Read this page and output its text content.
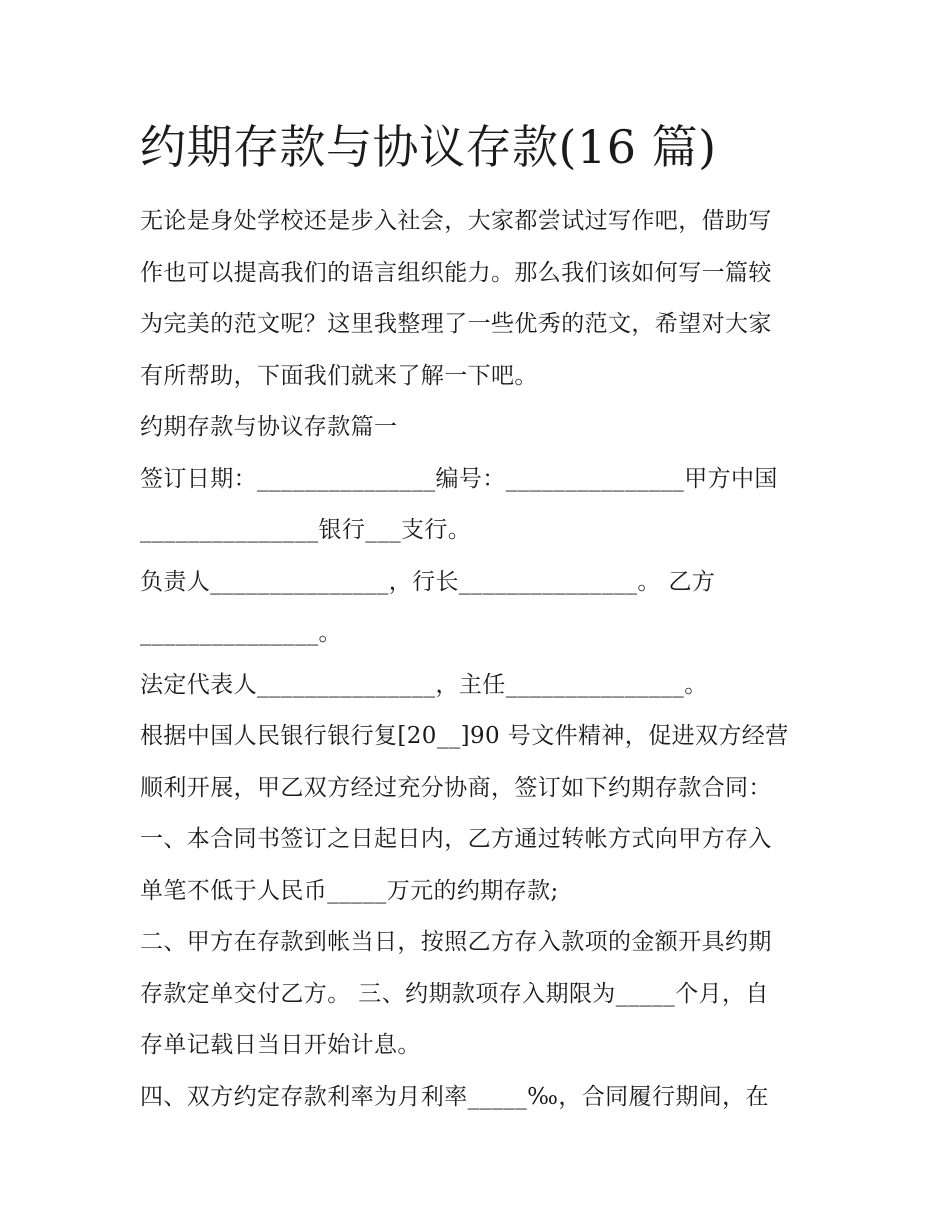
约期存款与协议存款(16 篇)

无论是身处学校还是步入社会，大家都尝试过写作吧，借助写

作也可以提高我们的语言组织能力。那么我们该如何写一篇较

为完美的范文呢？这里我整理了一些优秀的范文，希望对大家

有所帮助，下面我们就来了解一下吧。

约期存款与协议存款篇一

签订日期：_______________编号：_______________甲方中国

_______________银行___支行。

负责人_______________，行长_______________。 乙方

_______________。

法定代表人_______________，主任_______________。

根据中国人民银行银行复[20__]90 号文件精神，促进双方经营

顺利开展，甲乙双方经过充分协商，签订如下约期存款合同：

一、本合同书签订之日起日内，乙方通过转帐方式向甲方存入

单笔不低于人民币_____万元的约期存款;

二、甲方在存款到帐当日，按照乙方存入款项的金额开具约期

存款定单交付乙方。 三、约期款项存入期限为_____个月，自

存单记载日当日开始计息。

四、双方约定存款利率为月利率_____‰，合同履行期间，在
